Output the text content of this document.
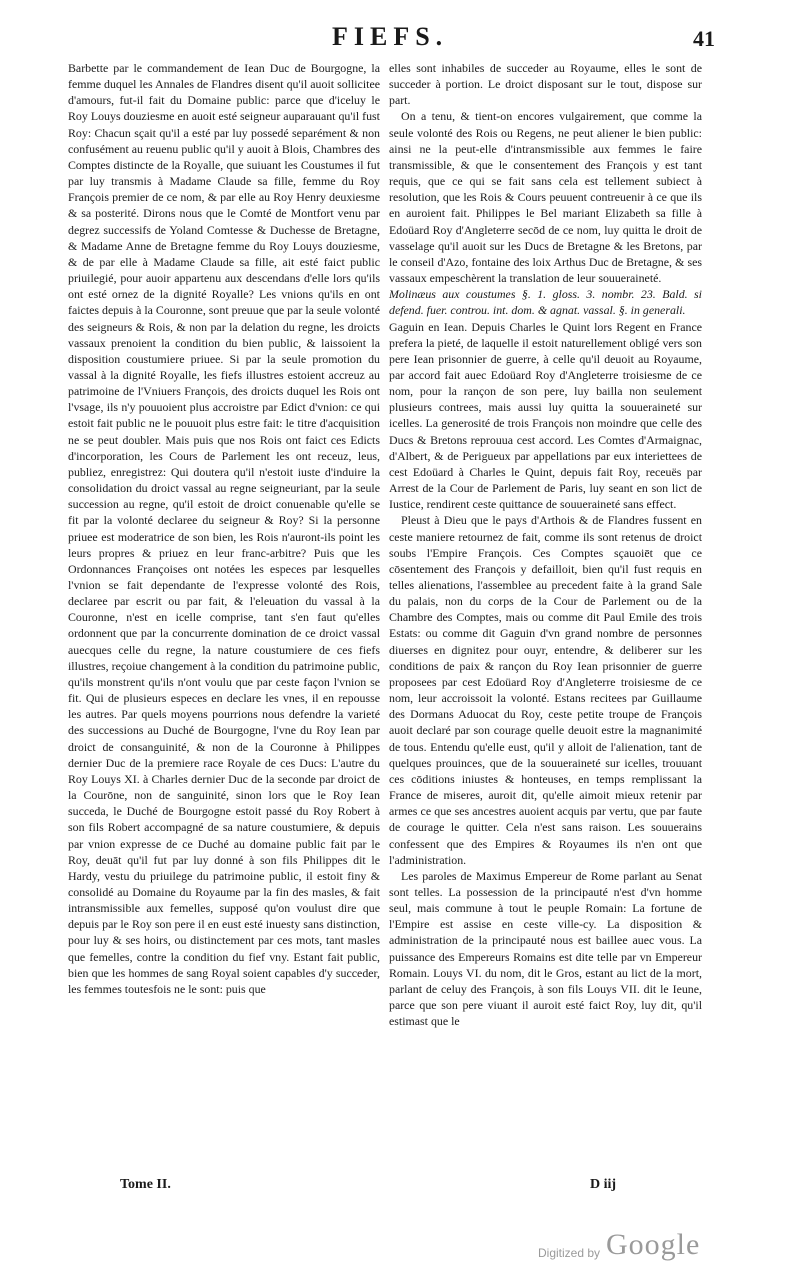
FIEFS.	41

Barbette par le commandement de Iean Duc de Bourgogne, la femme duquel les Annales de Flandres disent qu'il auoit sollicitee d'amours, fut-il fait du Domaine public: parce que d'iceluy le Roy Louys douziesme en auoit esté seigneur auparauant qu'il fust Roy: Chacun sçait qu'il a esté par luy possedé separément & non confusément au reuenu public qu'il y auoit à Blois, Chambres des Comptes distincte de la Royalle, que suiuant les Coustumes il fut par luy transmis à Madame Claude sa fille, femme du Roy François premier de ce nom, & par elle au Roy Henry deuxiesme & sa posterité. Dirons nous que le Comté de Montfort venu par degrez successifs de Yoland Comtesse & Duchesse de Bretagne, & Madame Anne de Bretagne femme du Roy Louys douziesme, & de par elle à Madame Claude sa fille, ait esté faict public priuilegié, pour auoir appartenu aux descendans d'elle lors qu'ils ont esté ornez de la dignité Royalle? Les vnions qu'ils en ont faictes depuis à la Couronne, sont preuue que par la seule volonté des seigneurs & Rois, & non par la delation du regne, les droicts vassaux prenoient la condition du bien public, & laissoient la disposition coustumiere priuee. Si par la seule promotion du vassal à la dignité Royalle, les fiefs illustres estoient accreuz au patrimoine de l'Vniuers François, des droicts duquel les Rois ont l'vsage, ils n'y pouuoient plus accroistre par Edict d'vnion: ce qui estoit fait public ne le pouuoit plus estre fait: le titre d'acquisition ne se peut doubler. Mais puis que nos Rois ont faict ces Edicts d'incorporation, les Cours de Parlement les ont receuz, leus, publiez, enregistrez: Qui doutera qu'il n'estoit iuste d'induire la consolidation du droict vassal au regne seigneuriant, par la seule succession au regne, qu'il estoit de droict conuenable qu'elle se fit par la volonté declaree du seigneur & Roy? Si la personne priuee est moderatrice de son bien, les Rois n'auront-ils point les leurs propres & priuez en leur franc-arbitre? Puis que les Ordonnances Françoises ont notées les especes par lesquelles l'vnion se fait dependante de l'expresse volonté des Rois, declaree par escrit ou par fait, & l'eleuation du vassal à la Couronne, n'est en icelle comprise, tant s'en faut qu'elles ordonnent que par la concurrente domination de ce droict vassal auecques celle du regne, la nature coustumiere de ces fiefs illustres, reçoiue changement à la condition du patrimoine public, qu'ils monstrent qu'ils n'ont voulu que par ceste façon l'vnion se fit. Qui de plusieurs especes en declare les vnes, il en repousse les autres. Par quels moyens pourrions nous defendre la varieté des successions au Duché de Bourgogne, l'vne du Roy Iean par droict de consanguinité, & non de la Couronne à Philippes dernier Duc de la premiere race Royale de ces Ducs: L'autre du Roy Louys XI. à Charles dernier Duc de la seconde par droict de la Courōne, non de sanguinité, sinon lors que le Roy Iean succeda, le Duché de Bourgogne estoit passé du Roy Robert à son fils Robert accompagné de sa nature coustumiere, & depuis par vnion expresse de ce Duché au domaine public fait par le Roy, deuāt qu'il fut par luy donné à son fils Philippes dit le Hardy, vestu du priuilege du patrimoine public, il estoit finy & consolidé au Domaine du Royaume par la fin des masles, & fait intransmissible aux femelles, supposé qu'on voulust dire que depuis par le Roy son pere il en eust esté inuesty sans distinction, pour luy & ses hoirs, ou distinctement par ces mots, tant masles que femelles, contre la condition du fief vny. Estant fait public, bien que les hommes de sang Royal soient capables d'y succeder, les femmes toutesfois ne le sont: puis que

elles sont inhabiles de succeder au Royaume, elles le sont de succeder à portion. Le droict disposant sur le tout, dispose sur part.

On a tenu, & tient-on encores vulgairement, que comme la seule volonté des Rois ou Regens, ne peut aliener le bien public: ainsi ne la peut-elle d'intransmissible aux femmes le faire transmissible, & que le consentement des François y est tant requis, que ce qui se fait sans cela est tellement subiect à resolution, que les Rois & Cours peuuent contreuenir à ce que ils en auroient fait. Philippes le Bel mariant Elizabeth sa fille à Edoüard Roy d'Angleterre secōd de ce nom, luy quitta le droit de vasselage qu'il auoit sur les Ducs de Bretagne & les Bretons, par le conseil d'Azo, fontaine des loix Arthus Duc de Bretagne, & ses vassaux empeschèrent la translation de leur souueraineté.

Molinæus aux coustumes §. 1. gloss. 3. nombr. 23. Bald. si defend. fuer. controu. int. dom. & agnat. vassal. §. in generali.

Gaguin en Iean. Depuis Charles le Quint lors Regent en France prefera la pieté, de laquelle il estoit naturellement obligé vers son pere Iean prisonnier de guerre, à celle qu'il deuoit au Royaume, par accord fait auec Edoüard Roy d'Angleterre troisiesme de ce nom, pour la rançon de son pere, luy bailla non seulement plusieurs contrees, mais aussi luy quitta la souueraineté sur icelles. La generosité de trois François non moindre que celle des Ducs & Bretons reprouua cest accord. Les Comtes d'Armaignac, d'Albert, & de Perigueux par appellations par eux interiettees de cest Edoüard à Charles le Quint, depuis fait Roy, receuës par Arrest de la Cour de Parlement de Paris, luy seant en son lict de Iustice, rendirent ceste quittance de souueraineté sans effect.

Pleust à Dieu que le pays d'Arthois & de Flandres fussent en ceste maniere retournez de fait, comme ils sont retenus de droict soubs l'Empire François. Ces Comptes sçauoiēt que ce cōsentement des François y defailloit, bien qu'il fust requis en telles alienations, l'assemblee au precedent faite à la grand Sale du palais, non du corps de la Cour de Parlement ou de la Chambre des Comptes, mais ou comme dit Paul Emile des trois Estats: ou comme dit Gaguin d'vn grand nombre de personnes diuerses en dignitez pour ouyr, entendre, & deliberer sur les conditions de paix & rançon du Roy Iean prisonnier de guerre proposees par cest Edoüard Roy d'Angleterre troisiesme de ce nom, leur accroissoit la volonté. Estans recitees par Guillaume des Dormans Aduocat du Roy, ceste petite troupe de François auoit declaré par son courage quelle deuoit estre la magnanimité de tous. Entendu qu'elle eust, qu'il y alloit de l'alienation, tant de quelques prouinces, que de la souueraineté sur icelles, trouuant ces cōditions iniustes & honteuses, en temps remplissant la France de miseres, auroit dit, qu'elle aimoit mieux retenir par armes ce que ses ancestres auoient acquis par vertu, que par faute de courage le quitter. Cela n'est sans raison. Les souuerains confessent que des Empires & Royaumes ils n'en ont que l'administration.

Les paroles de Maximus Empereur de Rome parlant au Senat sont telles. La possession de la principauté n'est d'vn homme seul, mais commune à tout le peuple Romain: La fortune de l'Empire est assise en ceste ville-cy. La disposition & administration de la principauté nous est baillee auec vous. La puissance des Empereurs Romains est dite telle par vn Empereur Romain. Louys VI. du nom, dit le Gros, estant au lict de la mort, parlant de celuy des François, à son fils Louys VII. dit le Ieune, parce que son pere viuant il auroit esté faict Roy, luy dit, qu'il estimast que le

Tome II.	D iij
Digitized by Google
